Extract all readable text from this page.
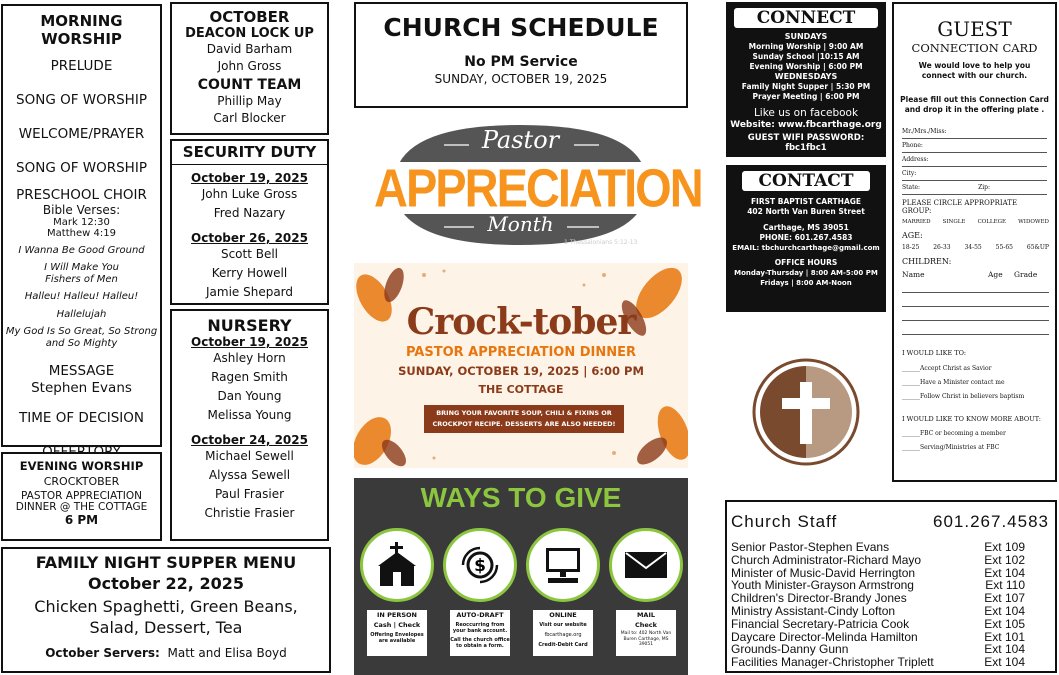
MORNING WORSHIP
PRELUDE
SONG OF WORSHIP
WELCOME/PRAYER
SONG OF WORSHIP
PRESCHOOL CHOIR
Bible Verses:
Mark 12:30
Matthew 4:19
I Wanna Be Good Ground
I Will Make You Fishers of Men
Halleu! Halleu! Halleu!
Hallelujah
My God Is So Great, So Strong and So Mighty
MESSAGE
Stephen Evans
TIME OF DECISION
EVENING WORSHIP
CROCKTOBER
PASTOR APPRECIATION DINNER @ THE COTTAGE
6 PM
FAMILY NIGHT SUPPER MENU
October 22, 2025
Chicken Spaghetti, Green Beans, Salad, Dessert, Tea
October Servers: Matt and Elisa Boyd
OCTOBER
DEACON LOCK UP
David Barham
John Gross
COUNT TEAM
Phillip May
Carl Blocker
SECURITY DUTY
October 19, 2025
John Luke Gross
Fred Nazary
October 26, 2025
Scott Bell
Kerry Howell
Jamie Shepard
NURSERY
October 19, 2025
Ashley Horn
Ragen Smith
Dan Young
Melissa Young
October 24, 2025
Michael Sewell
Alyssa Sewell
Paul Frasier
Christie Frasier
CHURCH SCHEDULE
No PM Service
SUNDAY, OCTOBER 19, 2025
Pastor
APPRECIATION
Month
1 Thessalonians 5:12-13
Crock-tober
PASTOR APPRECIATION DINNER
SUNDAY, OCTOBER 19, 2025 | 6:00 PM
THE COTTAGE
BRING YOUR FAVORITE SOUP, CHILI & FIXINS OR CROCKPOT RECIPE. DESSERTS ARE ALSO NEEDED!
WAYS TO GIVE
$
IN PERSON
Cash | Check
Offering Envelopes are available
AUTO-DRAFT
Reoccurring from your bank account.
Call the church office to obtain a form.
ONLINE
Visit our website
fbcarthage.org
Credit-Debit Card
MAIL
Check
Mail to: 402 North Van Buren Carthage, MS 39051
CONNECT
SUNDAYS
Morning Worship | 9:00 AM
Sunday School |10:15 AM
Evening Worship | 6:00 PM
WEDNESDAYS
Family Night Supper | 5:30 PM
Prayer Meeting | 6:00 PM
Like us on facebook
Website: www.fbcarthage.org
GUEST WIFI PASSWORD: fbc1fbc1
CONTACT
FIRST BAPTIST CARTHAGE
402 North Van Buren Street
Carthage, MS 39051
PHONE: 601.267.4583
EMAIL: tbchurchcarthage@gmail.com
OFFICE HOURS
Monday-Thursday | 8:00 AM-5:00 PM
Fridays | 8:00 AM-Noon
GUEST
CONNECTION CARD
We would love to help you connect with our church.
Please fill out this Connection Card and drop it in the offering plate .
Mr./Mrs./Miss:
Phone:
Address:
City:
State:	Zip:
PLEASE CIRCLE APPROPRIATE GROUP:
MARRIED SINGLE COLLEGE WIDOWED
AGE:
18-25 26-33 34-55 55-65 65&UP
CHILDREN:
Name	Age	Grade
I WOULD LIKE TO:
______Accept Christ as Savior
______Have a Minister contact me
______Follow Christ in believers baptism
I WOULD LIKE TO KNOW MORE ABOUT:
______FBC or becoming a member
______Serving/Ministries at FBC
Church Staff	601.267.4583
Senior Pastor-Stephen Evans	Ext 109
Church Administrator-Richard Mayo	Ext 102
Minister of Music-David Herrington	Ext 104
Youth Minister-Grayson Armstrong	Ext 110
Children's Director-Brandy Jones	Ext 107
Ministry Assistant-Cindy Lofton	Ext 104
Financial Secretary-Patricia Cook	Ext 105
Daycare Director-Melinda Hamilton	Ext 101
Grounds-Danny Gunn	Ext 104
Facilities Manager-Christopher Triplett	Ext 104
